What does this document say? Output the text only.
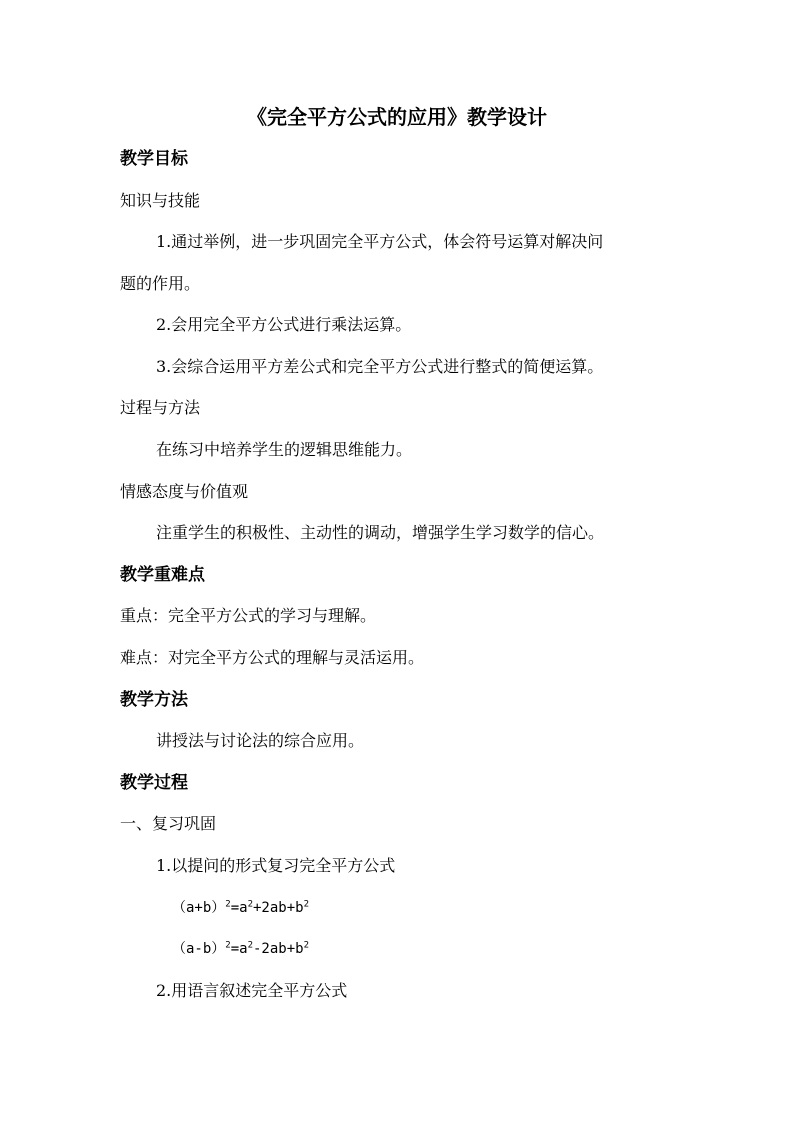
《完全平方公式的应用》教学设计
教学目标
知识与技能
1.通过举例，进一步巩固完全平方公式，体会符号运算对解决问
题的作用。
2.会用完全平方公式进行乘法运算。
3.会综合运用平方差公式和完全平方公式进行整式的简便运算。
过程与方法
在练习中培养学生的逻辑思维能力。
情感态度与价值观
注重学生的积极性、主动性的调动，增强学生学习数学的信心。
教学重难点
重点：完全平方公式的学习与理解。
难点：对完全平方公式的理解与灵活运用。
教学方法
讲授法与讨论法的综合应用。
教学过程
一、复习巩固
1.以提问的形式复习完全平方公式
$(a+b)^2=a^2+2ab+b^2$
$(a-b)^2=a^2-2ab+b^2$
2.用语言叙述完全平方公式
